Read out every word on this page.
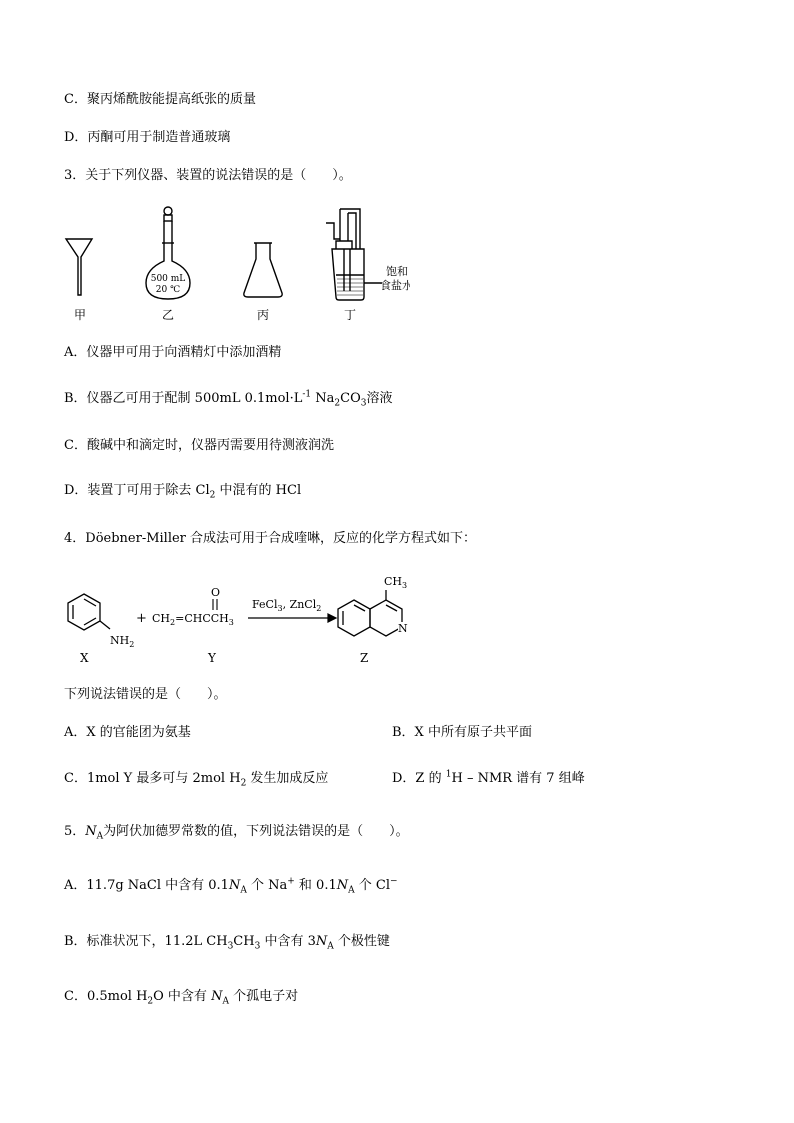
C．聚丙烯酰胺能提高纸张的质量
D．丙酮可用于制造普通玻璃
3．关于下列仪器、装置的说法错误的是（　　）。
500 mL
20 ℃
饱和
食盐水
甲	乙	丙	丁
A．仪器甲可用于向酒精灯中添加酒精
B．仪器乙可用于配制 500mL $0.1mol\cdot L^{-1}$ $Na_2CO_3$溶液
C．酸碱中和滴定时，仪器丙需要用待测液润洗
D．装置丁可用于除去 $Cl_2$ 中混有的 HCl
4．Döebner-Miller 合成法可用于合成喹啉，反应的化学方程式如下：
$NH_2$
X
+
O
$CH_2=CHCCH_3$
Y
FeCl$_3$, ZnCl$_2$
$CH_3$
N
Z
下列说法错误的是（　　）。
A．X 的官能团为氨基	B．X 中所有原子共平面
C．1mol Y 最多可与 2mol $H_2$ 发生加成反应	D．Z 的 $^1$H – NMR 谱有 7 组峰
5．$N_A$为阿伏加德罗常数的值，下列说法错误的是（　　）。
A．11.7g NaCl 中含有 $0.1N_A$ 个 Na+ 和 $0.1N_A$ 个 Cl−
B．标准状况下，11.2L $CH_3CH_3$ 中含有 $3N_A$ 个极性键
C．0.5mol $H_2O$ 中含有 $N_A$ 个孤电子对
